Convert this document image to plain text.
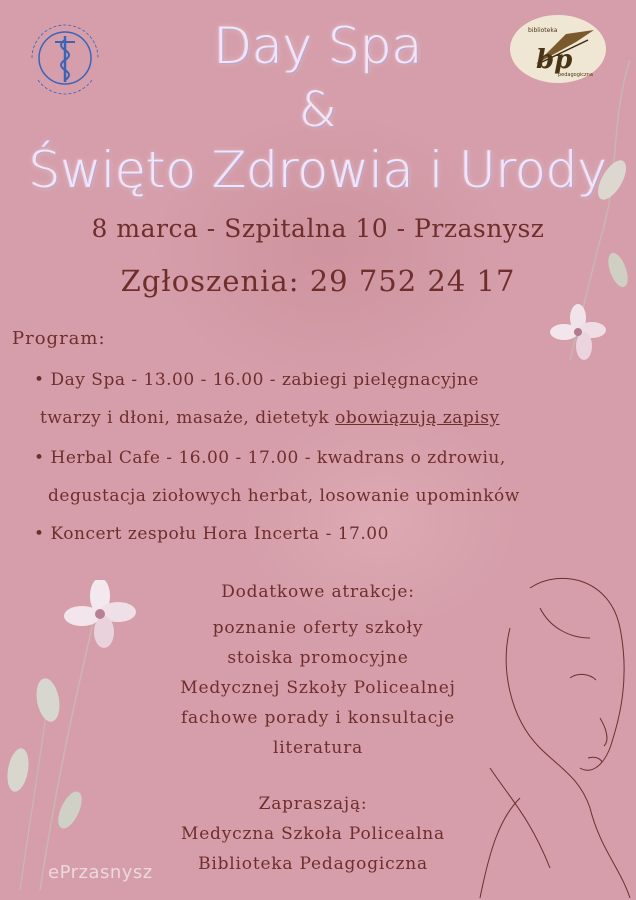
bp
biblioteka
pedagogiczna
Day Spa
&
Święto Zdrowia i Urody
8 marca - Szpitalna 10 - Przasnysz
Zgłoszenia: 29 752 24 17
Program:
• Day Spa - 13.00 - 16.00 - zabiegi pielęgnacyjne
twarzy i dłoni, masaże, dietetyk obowiązują zapisy
• Herbal Cafe - 16.00 - 17.00 - kwadrans o zdrowiu,
degustacja ziołowych herbat, losowanie upominków
• Koncert zespołu Hora Incerta - 17.00
Dodatkowe atrakcje:
poznanie oferty szkoły
stoiska promocyjne
Medycznej Szkoły Policealnej
fachowe porady i konsultacje
literatura
Zapraszają:
Medyczna Szkoła Policealna
Biblioteka Pedagogiczna
ePrzasnysz
